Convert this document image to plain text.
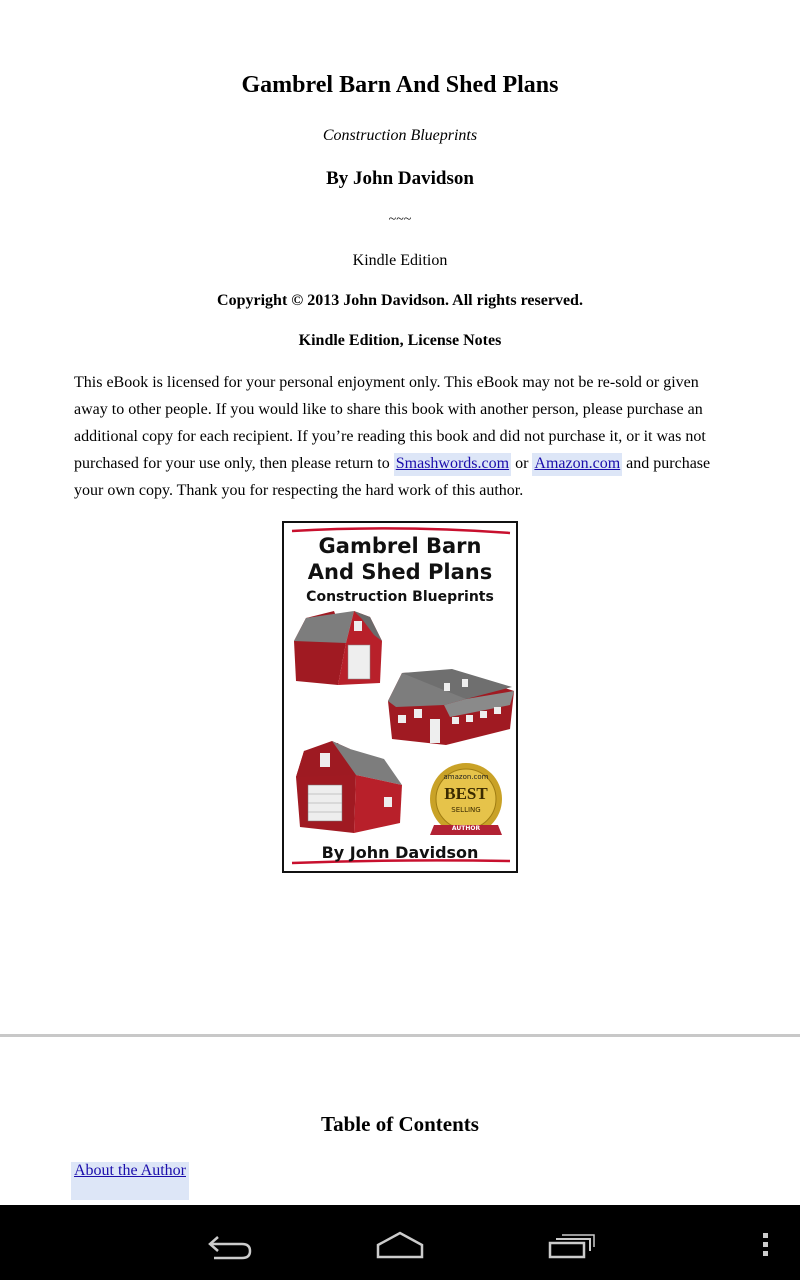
Gambrel Barn And Shed Plans
Construction Blueprints
By John Davidson
~~~
Kindle Edition
Copyright © 2013 John Davidson. All rights reserved.
Kindle Edition, License Notes
This eBook is licensed for your personal enjoyment only. This eBook may not be re-sold or given away to other people. If you would like to share this book with another person, please purchase an additional copy for each recipient. If you’re reading this book and did not purchase it, or it was not purchased for your use only, then please return to Smashwords.com or Amazon.com and purchase your own copy. Thank you for respecting the hard work of this author.
Gambrel Barn
And Shed Plans
Construction Blueprints
amazon.com
BEST
SELLING
AUTHOR
By John Davidson
Table of Contents
About the Author
